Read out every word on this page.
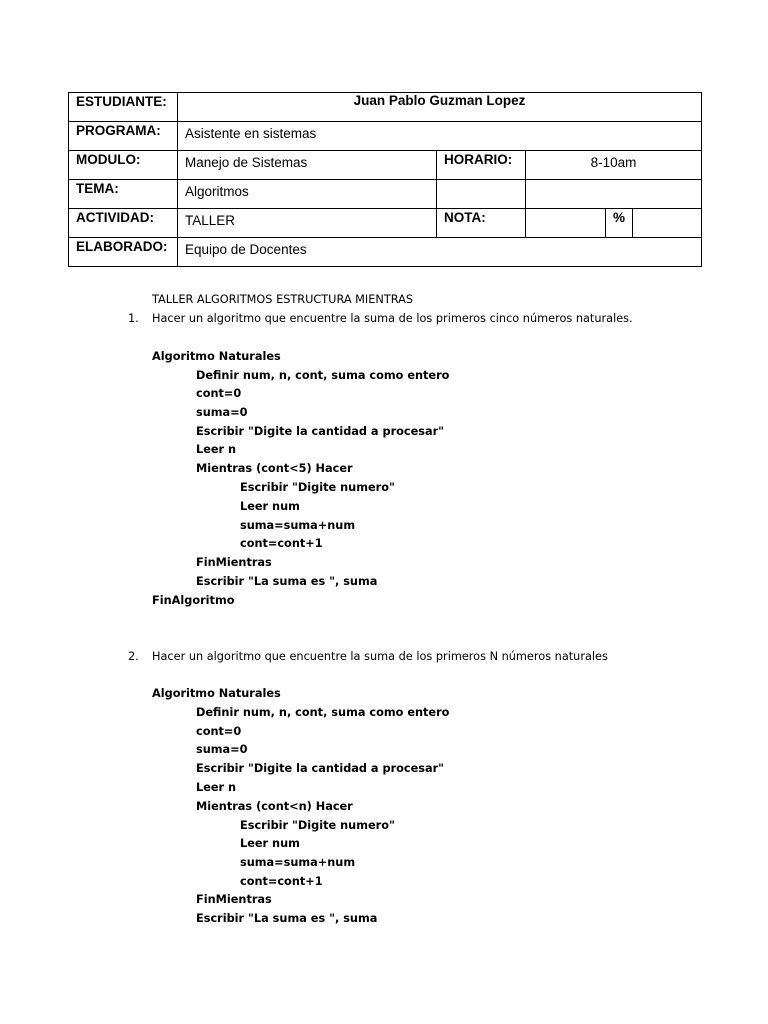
ESTUDIANTE:	Juan Pablo Guzman Lopez				
PROGRAMA:	Asistente en sistemas				
MODULO:	Manejo de Sistemas	HORARIO:	8-10am		
TEMA:	Algoritmos				
ACTIVIDAD:	TALLER	NOTA:		%	
ELABORADO:	Equipo de Docentes				
TALLER ALGORITMOS ESTRUCTURA MIENTRAS
1. Hacer un algoritmo que encuentre la suma de los primeros cinco números naturales.
Algoritmo Naturales
Definir num, n, cont, suma como entero
cont=0
suma=0
Escribir "Digite la cantidad a procesar"
Leer n
Mientras (cont<5) Hacer
Escribir "Digite numero"
Leer num
suma=suma+num
cont=cont+1
FinMientras
Escribir "La suma es ", suma
FinAlgoritmo
2. Hacer un algoritmo que encuentre la suma de los primeros N números naturales
Algoritmo Naturales
Definir num, n, cont, suma como entero
cont=0
suma=0
Escribir "Digite la cantidad a procesar"
Leer n
Mientras (cont<n) Hacer
Escribir "Digite numero"
Leer num
suma=suma+num
cont=cont+1
FinMientras
Escribir "La suma es ", suma
